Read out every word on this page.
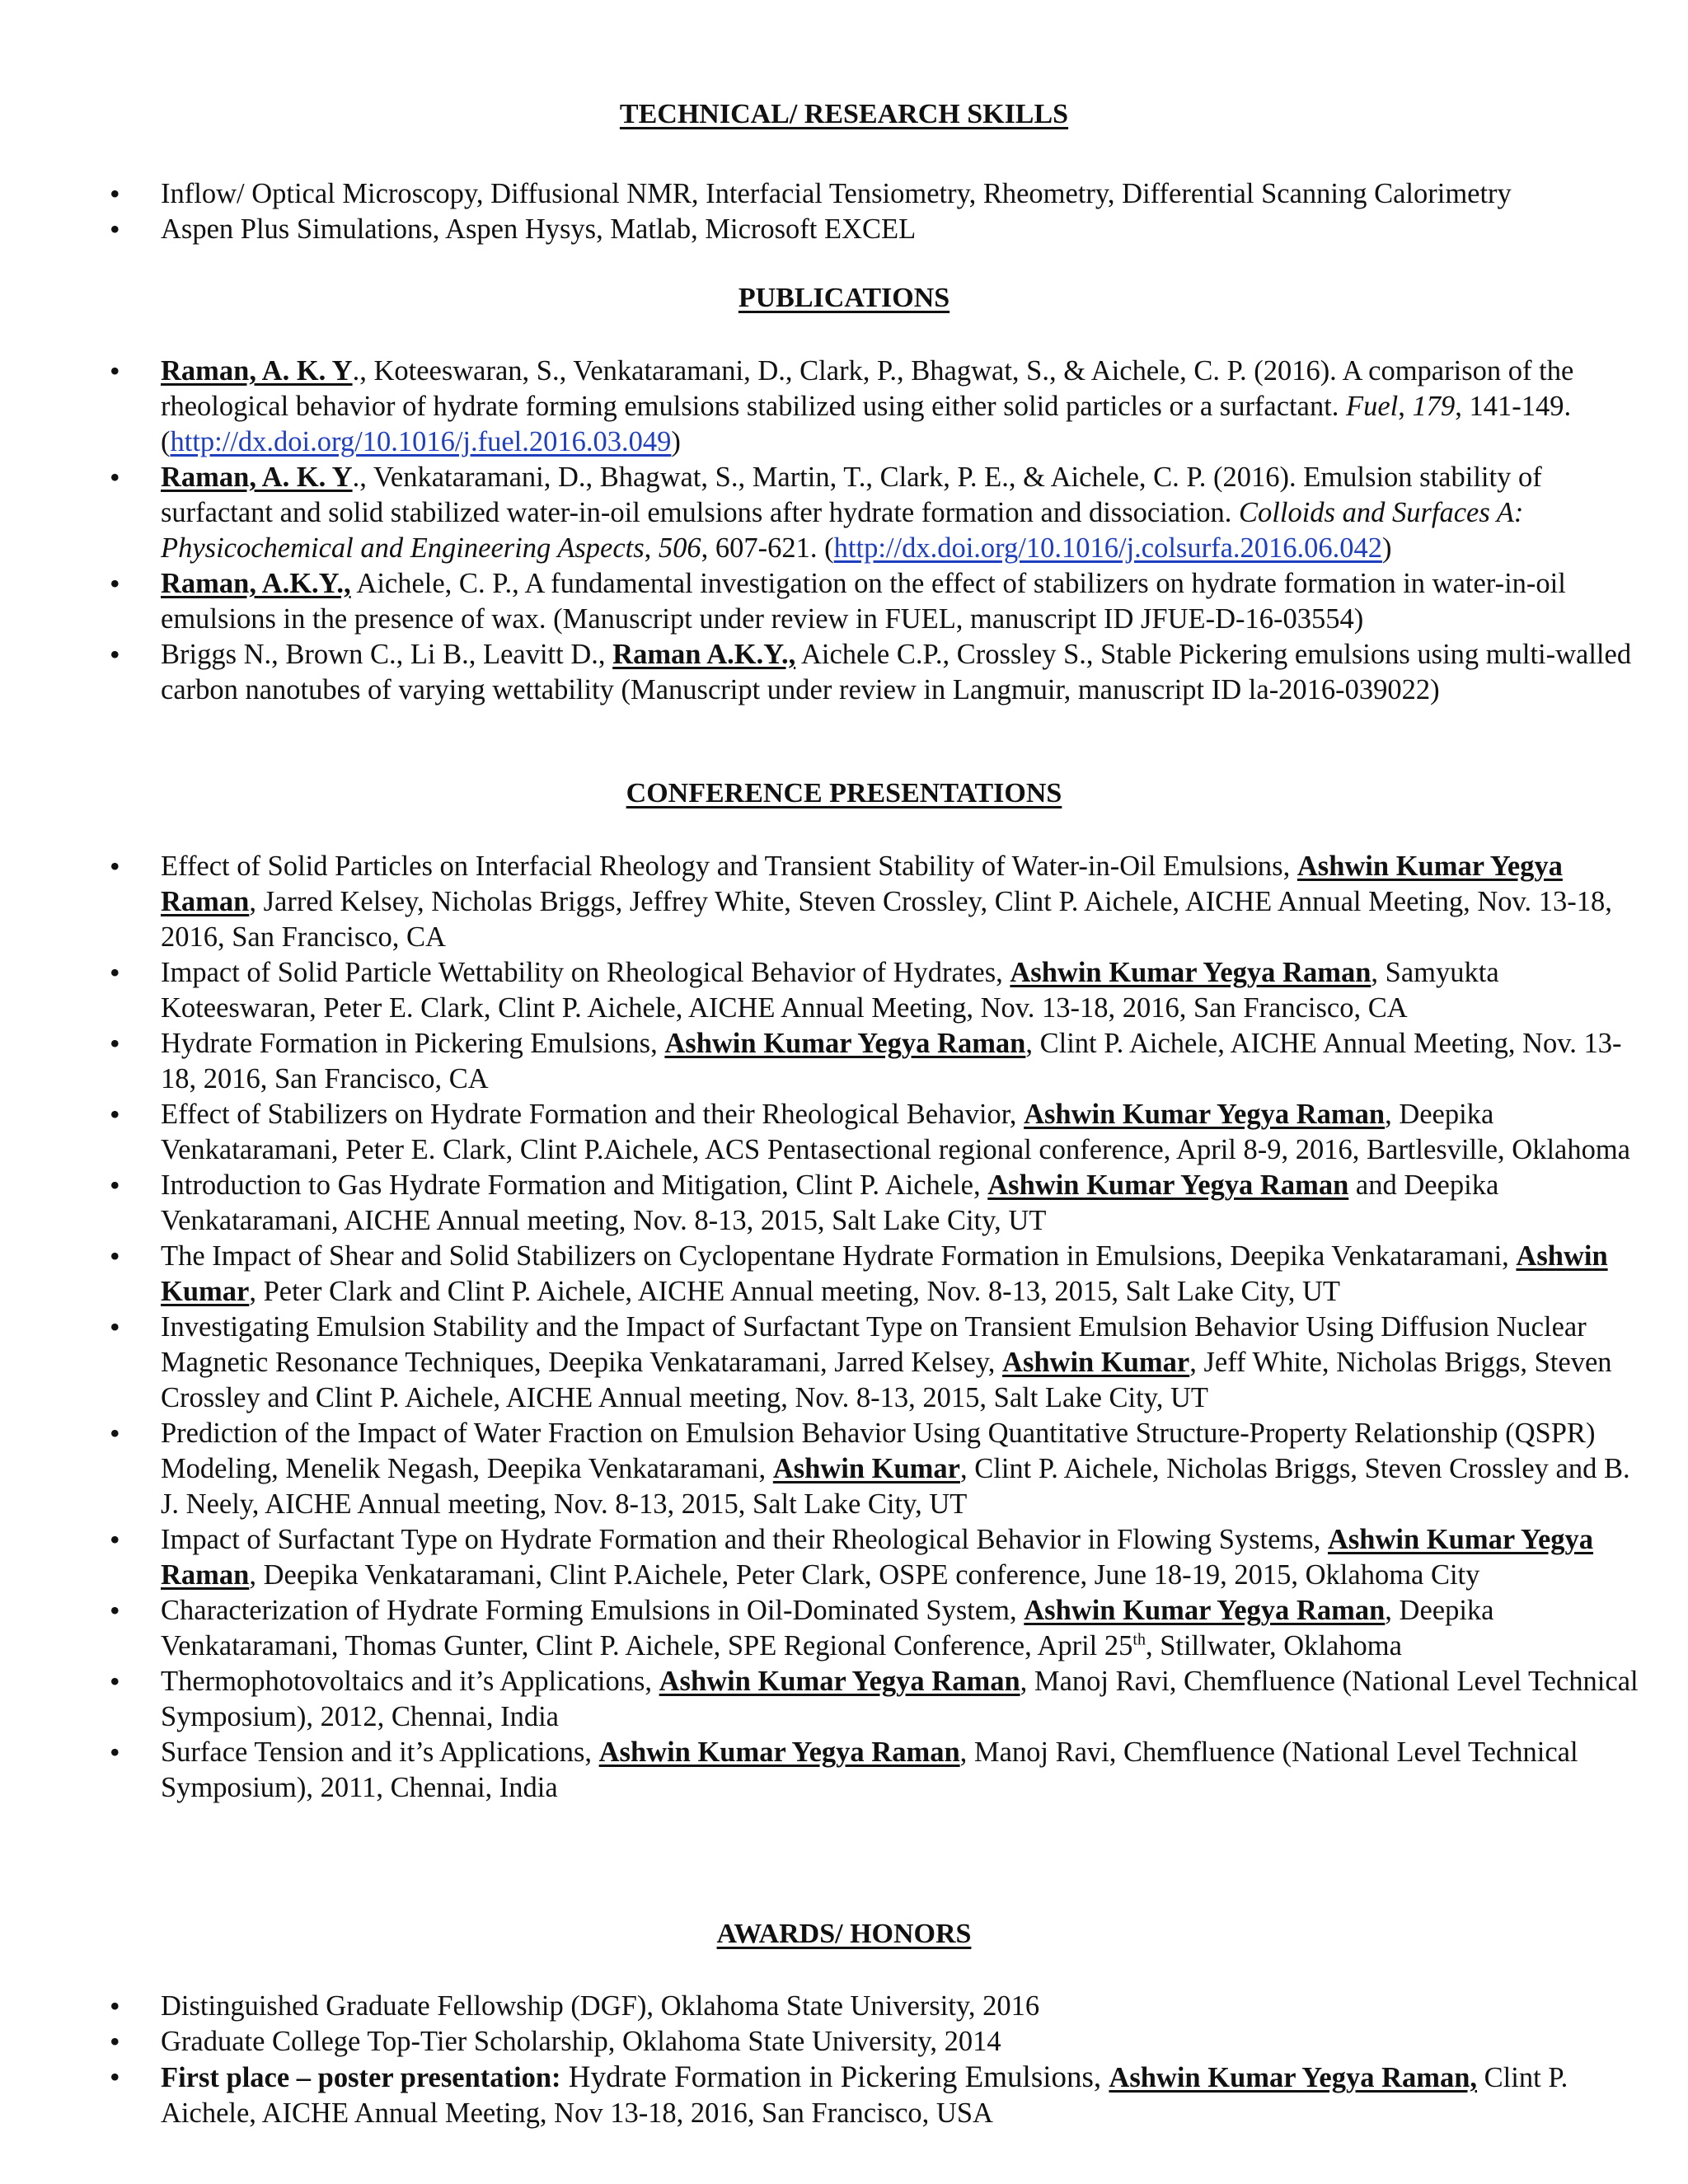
TECHNICAL/ RESEARCH SKILLS
• Inflow/ Optical Microscopy, Diffusional NMR, Interfacial Tensiometry, Rheometry, Differential Scanning Calorimetry
• Aspen Plus Simulations, Aspen Hysys, Matlab, Microsoft EXCEL
PUBLICATIONS
• Raman, A. K. Y., Koteeswaran, S., Venkataramani, D., Clark, P., Bhagwat, S., & Aichele, C. P. (2016). A comparison of the rheological behavior of hydrate forming emulsions stabilized using either solid particles or a surfactant. Fuel, 179, 141-149. (http://dx.doi.org/10.1016/j.fuel.2016.03.049)
• Raman, A. K. Y., Venkataramani, D., Bhagwat, S., Martin, T., Clark, P. E., & Aichele, C. P. (2016). Emulsion stability of surfactant and solid stabilized water-in-oil emulsions after hydrate formation and dissociation. Colloids and Surfaces A: Physicochemical and Engineering Aspects, 506, 607-621. (http://dx.doi.org/10.1016/j.colsurfa.2016.06.042)
• Raman, A.K.Y., Aichele, C. P., A fundamental investigation on the effect of stabilizers on hydrate formation in water-in-oil emulsions in the presence of wax. (Manuscript under review in FUEL, manuscript ID JFUE-D-16-03554)
• Briggs N., Brown C., Li B., Leavitt D., Raman A.K.Y., Aichele C.P., Crossley S., Stable Pickering emulsions using multi-walled carbon nanotubes of varying wettability (Manuscript under review in Langmuir, manuscript ID la-2016-039022)
CONFERENCE PRESENTATIONS
• Effect of Solid Particles on Interfacial Rheology and Transient Stability of Water-in-Oil Emulsions, Ashwin Kumar Yegya Raman, Jarred Kelsey, Nicholas Briggs, Jeffrey White, Steven Crossley, Clint P. Aichele, AICHE Annual Meeting, Nov. 13-18, 2016, San Francisco, CA
• Impact of Solid Particle Wettability on Rheological Behavior of Hydrates, Ashwin Kumar Yegya Raman, Samyukta Koteeswaran, Peter E. Clark, Clint P. Aichele, AICHE Annual Meeting, Nov. 13-18, 2016, San Francisco, CA
• Hydrate Formation in Pickering Emulsions, Ashwin Kumar Yegya Raman, Clint P. Aichele, AICHE Annual Meeting, Nov. 13-18, 2016, San Francisco, CA
• Effect of Stabilizers on Hydrate Formation and their Rheological Behavior, Ashwin Kumar Yegya Raman, Deepika Venkataramani, Peter E. Clark, Clint P.Aichele, ACS Pentasectional regional conference, April 8-9, 2016, Bartlesville, Oklahoma
• Introduction to Gas Hydrate Formation and Mitigation, Clint P. Aichele, Ashwin Kumar Yegya Raman and Deepika Venkataramani, AICHE Annual meeting, Nov. 8-13, 2015, Salt Lake City, UT
• The Impact of Shear and Solid Stabilizers on Cyclopentane Hydrate Formation in Emulsions, Deepika Venkataramani, Ashwin Kumar, Peter Clark and Clint P. Aichele, AICHE Annual meeting, Nov. 8-13, 2015, Salt Lake City, UT
• Investigating Emulsion Stability and the Impact of Surfactant Type on Transient Emulsion Behavior Using Diffusion Nuclear Magnetic Resonance Techniques, Deepika Venkataramani, Jarred Kelsey, Ashwin Kumar, Jeff White, Nicholas Briggs, Steven Crossley and Clint P. Aichele, AICHE Annual meeting, Nov. 8-13, 2015, Salt Lake City, UT
• Prediction of the Impact of Water Fraction on Emulsion Behavior Using Quantitative Structure-Property Relationship (QSPR) Modeling, Menelik Negash, Deepika Venkataramani, Ashwin Kumar, Clint P. Aichele, Nicholas Briggs, Steven Crossley and B. J. Neely, AICHE Annual meeting, Nov. 8-13, 2015, Salt Lake City, UT
• Impact of Surfactant Type on Hydrate Formation and their Rheological Behavior in Flowing Systems, Ashwin Kumar Yegya Raman, Deepika Venkataramani, Clint P.Aichele, Peter Clark, OSPE conference, June 18-19, 2015, Oklahoma City
• Characterization of Hydrate Forming Emulsions in Oil-Dominated System, Ashwin Kumar Yegya Raman, Deepika Venkataramani, Thomas Gunter, Clint P. Aichele, SPE Regional Conference, April 25th, Stillwater, Oklahoma
• Thermophotovoltaics and it’s Applications, Ashwin Kumar Yegya Raman, Manoj Ravi, Chemfluence (National Level Technical Symposium), 2012, Chennai, India
• Surface Tension and it’s Applications, Ashwin Kumar Yegya Raman, Manoj Ravi, Chemfluence (National Level Technical Symposium), 2011, Chennai, India
AWARDS/ HONORS
• Distinguished Graduate Fellowship (DGF), Oklahoma State University, 2016
• Graduate College Top-Tier Scholarship, Oklahoma State University, 2014
• First place – poster presentation: Hydrate Formation in Pickering Emulsions, Ashwin Kumar Yegya Raman, Clint P. Aichele, AICHE Annual Meeting, Nov 13-18, 2016, San Francisco, USA
